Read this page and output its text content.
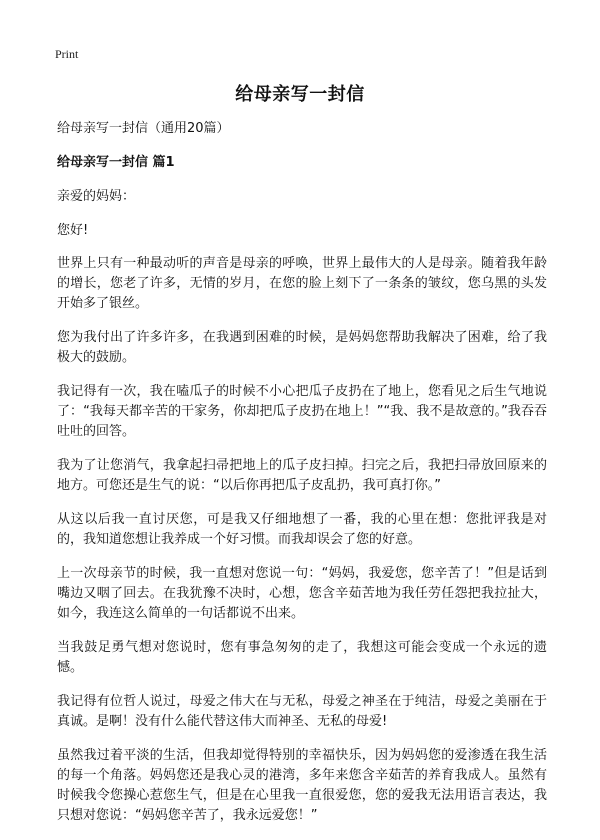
Print
给母亲写一封信
给母亲写一封信（通用20篇）
给母亲写一封信 篇1
亲爱的妈妈：
您好!

世界上只有一种最动听的声音是母亲的呼唤，世界上最伟大的人是母亲。随着我年龄的增长，您老了许多，无情的岁月，在您的脸上刻下了一条条的皱纹，您乌黑的头发开始多了银丝。

您为我付出了许多许多，在我遇到困难的时候，是妈妈您帮助我解决了困难，给了我极大的鼓励。

我记得有一次，我在嗑瓜子的时候不小心把瓜子皮扔在了地上，您看见之后生气地说了：“我每天都辛苦的干家务，你却把瓜子皮扔在地上！”“我、我不是故意的。”我吞吞吐吐的回答。

我为了让您消气，我拿起扫帚把地上的瓜子皮扫掉。扫完之后，我把扫帚放回原来的地方。可您还是生气的说：“以后你再把瓜子皮乱扔，我可真打你。”

从这以后我一直讨厌您，可是我又仔细地想了一番，我的心里在想：您批评我是对的，我知道您想让我养成一个好习惯。而我却误会了您的好意。

上一次母亲节的时候，我一直想对您说一句：“妈妈，我爱您，您辛苦了！”但是话到嘴边又咽了回去。在我犹豫不决时，心想，您含辛茹苦地为我任劳任怨把我拉扯大，如今，我连这么简单的一句话都说不出来。

当我鼓足勇气想对您说时，您有事急匆匆的走了，我想这可能会变成一个永远的遗憾。

我记得有位哲人说过，母爱之伟大在与无私，母爱之神圣在于纯洁，母爱之美丽在于真诚。是啊！没有什么能代替这伟大而神圣、无私的母爱!

虽然我过着平淡的生活，但我却觉得特别的幸福快乐，因为妈妈您的爱渗透在我生活的每一个角落。妈妈您还是我心灵的港湾，多年来您含辛茹苦的养育我成人。虽然有时候我令您操心惹您生气，但是在心里我一直很爱您，您的爱我无法用语言表达，我只想对您说：“妈妈您辛苦了，我永远爱您！”
